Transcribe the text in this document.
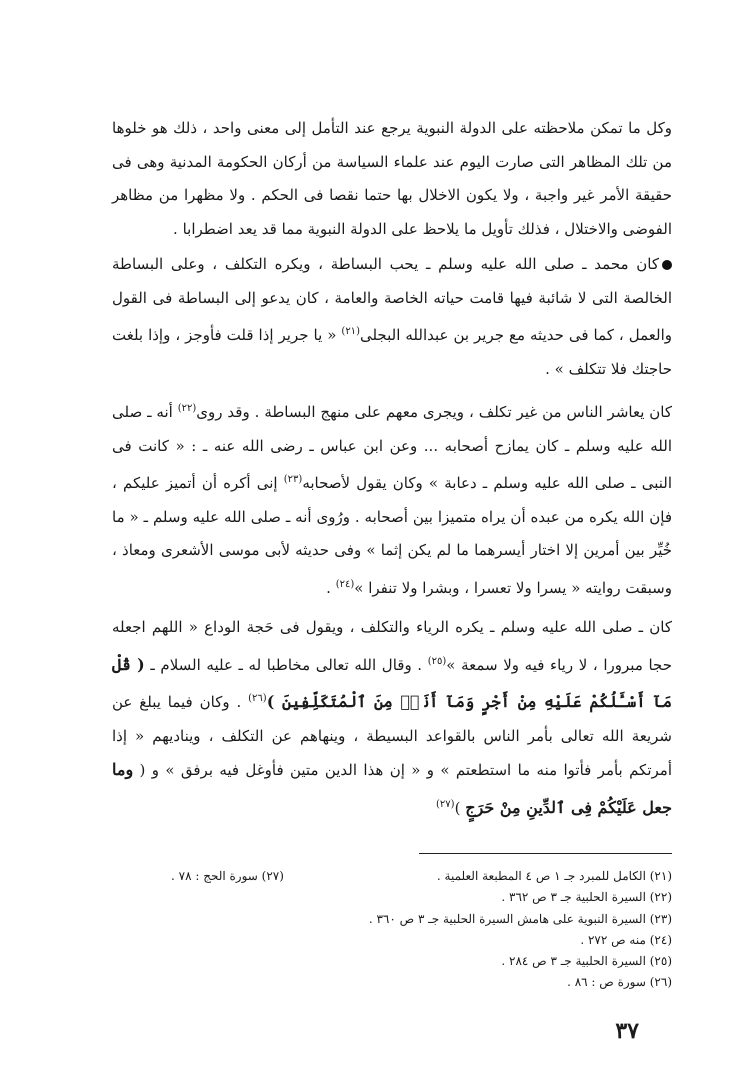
وكل ما تمكن ملاحظته على الدولة النبوية يرجع عند التأمل إلى معنى واحد ، ذلك هو خلوها من تلك المظاهر التى صارت اليوم عند علماء السياسة من أركان الحكومة المدنية وهى فى حقيقة الأمر غير واجبة ، ولا يكون الاخلال بها حتما نقصا فى الحكم . ولا مظهرا من مظاهر الفوضى والاختلال ، فذلك تأويل ما يلاحظ على الدولة النبوية مما قد يعد اضطرابا .

كان محمد ـ صلى الله عليه وسلم ـ يحب البساطة ، ويكره التكلف ، وعلى البساطة الخالصة التى لا شائبة فيها قامت حياته الخاصة والعامة ، كان يدعو إلى البساطة فى القول والعمل ، كما فى حديثه مع جرير بن عبدالله البجلى$^{(٢١)}$ « يا جرير إذا قلت فأوجز ، وإذا بلغت حاجتك فلا تتكلف » .

كان يعاشر الناس من غير تكلف ، ويجرى معهم على منهج البساطة . وقد روى$^{(٢٢)}$ أنه ـ صلى الله عليه وسلم ـ كان يمازح أصحابه ... وعن ابن عباس ـ رضى الله عنه ـ : « كانت فى النبى ـ صلى الله عليه وسلم ـ دعابة » وكان يقول لأصحابه$^{(٢٣)}$ إنى أكره أن أتميز عليكم ، فإن الله يكره من عبده أن يراه متميزا بين أصحابه . ورُوى أنه ـ صلى الله عليه وسلم ـ « ما خُيِّر بين أمرين إلا اختار أيسرهما ما لم يكن إثما » وفى حديثه لأبى موسى الأشعرى ومعاذ ، وسبقت روايته « يسرا ولا تعسرا ، وبشرا ولا تنفرا »$^{(٢٤)}$ .

كان ـ صلى الله عليه وسلم ـ يكره الرياء والتكلف ، ويقول فى حَجة الوداع « اللهم اجعله حجا مبرورا ، لا رياء فيه ولا سمعة »$^{(٢٥)}$ . وقال الله تعالى مخاطبا له ـ عليه السلام ـ ( قُلْ مَآ أَسْـَٔلُكُمْ عَلَيْهِ مِنْ أَجْرٍ وَمَآ أَنَا۠ مِنَ ٱلْمُتَكَلِّفِينَ )$^{(٢٦)}$ . وكان فيما يبلغ عن شريعة الله تعالى بأمر الناس بالقواعد البسيطة ، وينهاهم عن التكلف ، ويناديهم « إذا أمرتكم بأمر فأتوا منه ما استطعتم » و « إن هذا الدين متين فأوغل فيه برفق » و ( وما جعل عَلَيْكُمْ فِى ٱلدِّينِ مِنْ حَرَجٍ )$^{(٢٧)}$

(٢١) الكامل للمبرد جـ ١ ص ٤ المطبعة العلمية .

(٢٢) السيرة الحلبية جـ ٣ ص ٣٦٢ .

(٢٣) السيرة النبوية على هامش السيرة الحلبية جـ ٣ ص ٣٦٠ .

(٢٤) منه ص ٢٧٢ .

(٢٥) السيرة الحلبية جـ ٣ ص ٢٨٤ .

(٢٦) سورة ص : ٨٦ .

(٢٧) سورة الحج : ٧٨ .
٣٧
